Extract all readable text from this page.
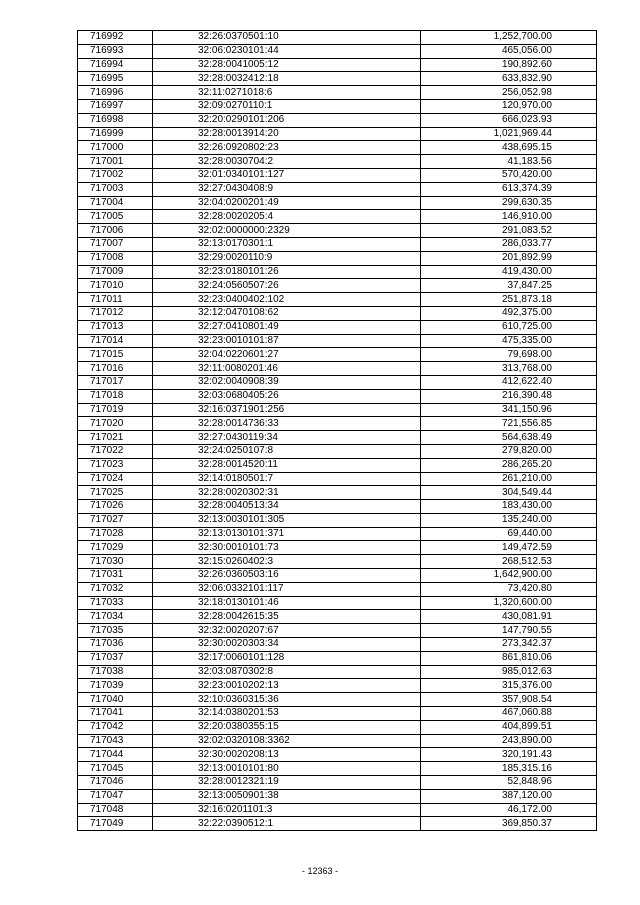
716992	32:26:0370501:10	1,252,700.00
716993	32:06:0230101:44	465,056.00
716994	32:28:0041005:12	190,892.60
716995	32:28:0032412:18	633,832.90
716996	32:11:0271018:6	256,052.98
716997	32:09:0270110:1	120,970.00
716998	32:20:0290101:206	666,023.93
716999	32:28:0013914:20	1,021,969.44
717000	32:26:0920802:23	438,695.15
717001	32:28:0030704:2	41,183.56
717002	32:01:0340101:127	570,420.00
717003	32:27:0430408:9	613,374.39
717004	32:04:0200201:49	299,630.35
717005	32:28:0020205:4	146,910.00
717006	32:02:0000000:2329	291,083.52
717007	32:13:0170301:1	286,033.77
717008	32:29:0020110:9	201,892.99
717009	32:23:0180101:26	419,430.00
717010	32:24:0560507:26	37,847.25
717011	32:23:0400402:102	251,873.18
717012	32:12:0470108:62	492,375.00
717013	32:27:0410801:49	610,725.00
717014	32:23:0010101:87	475,335.00
717015	32:04:0220601:27	79,698.00
717016	32:11:0080201:46	313,768.00
717017	32:02:0040908:39	412,622.40
717018	32:03:0680405:26	216,390.48
717019	32:16:0371901:256	341,150.96
717020	32:28:0014736:33	721,556.85
717021	32:27:0430119:34	564,638.49
717022	32:24:0250107:8	279,820.00
717023	32:28:0014520:11	286,265.20
717024	32:14:0180501:7	261,210.00
717025	32:28:0020302:31	304,549.44
717026	32:28:0040513:34	183,430.00
717027	32:13:0030101:305	135,240.00
717028	32:13:0130101:371	69,440.00
717029	32:30:0010101:73	149,472.59
717030	32:15:0260402:3	268,512.53
717031	32:26:0360503:16	1,642,900.00
717032	32:06:0332101:117	73,420.80
717033	32:18:0130101:46	1,320,600.00
717034	32:28:0042615:35	430,081.91
717035	32:32:0020207:67	147,790.55
717036	32:30:0020303:34	273,342.37
717037	32:17:0060101:128	861,810.06
717038	32:03:0870302:8	985,012.63
717039	32:23:0010202:13	315,376.00
717040	32:10:0360315:36	357,908.54
717041	32:14:0380201:53	467,060.88
717042	32:20:0380355:15	404,899.51
717043	32:02:0320108:3362	243,890.00
717044	32:30:0020208:13	320,191.43
717045	32:13:0010101:80	185,315.16
717046	32:28:0012321:19	52,848.96
717047	32:13:0050901:38	387,120.00
717048	32:16:0201101:3	46,172.00
717049	32:22:0390512:1	369,850.37
- 12363 -
